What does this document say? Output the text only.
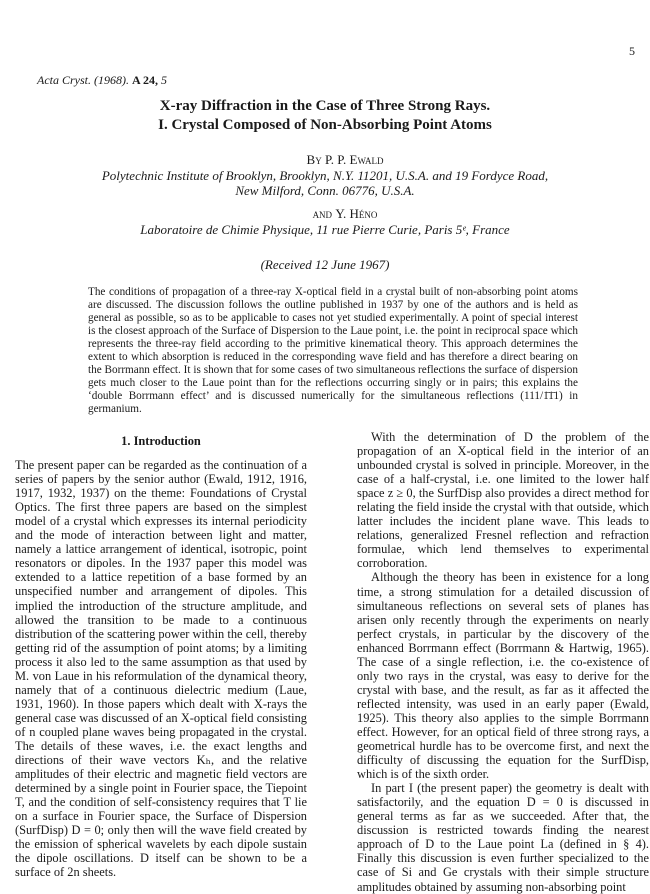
5
Acta Cryst. (1968). A 24, 5
X-ray Diffraction in the Case of Three Strong Rays.
I. Crystal Composed of Non-Absorbing Point Atoms
By P. P. Ewald
Polytechnic Institute of Brooklyn, Brooklyn, N.Y. 11201, U.S.A. and 19 Fordyce Road,
New Milford, Conn. 06776, U.S.A.
and Y. Héno
Laboratoire de Chimie Physique, 11 rue Pierre Curie, Paris 5ᵉ, France
(Received 12 June 1967)

The conditions of propagation of a three-ray X-optical field in a crystal built of non-absorbing point atoms are discussed. The discussion follows the outline published in 1937 by one of the authors and is held as general as possible, so as to be applicable to cases not yet studied experimentally. A point of special interest is the closest approach of the Surface of Dispersion to the Laue point, i.e. the point in reciprocal space which represents the three-ray field according to the primitive kinematical theory. This approach determines the extent to which absorption is reduced in the corresponding wave field and has therefore a direct bearing on the Borrmann effect. It is shown that for some cases of two simultaneous reflections the surface of dispersion gets much closer to the Laue point than for the reflections occurring singly or in pairs; this explains the ‘double Borrmann effect’ and is discussed numerically for the simultaneous reflections (111/1̄1̄1) in germanium.

1. Introduction

The present paper can be regarded as the continuation of a series of papers by the senior author (Ewald, 1912, 1916, 1917, 1932, 1937) on the theme: Foundations of Crystal Optics. The first three papers are based on the simplest model of a crystal which expresses its internal periodicity and the mode of interaction between light and matter, namely a lattice arrangement of identical, isotropic, point resonators or dipoles. In the 1937 paper this model was extended to a lattice repetition of a base formed by an unspecified number and arrangement of dipoles. This implied the introduction of the structure amplitude, and allowed the transition to be made to a continuous distribution of the scattering power within the cell, thereby getting rid of the assumption of point atoms; by a limiting process it also led to the same assumption as that used by M. von Laue in his reformulation of the dynamical theory, namely that of a continuous dielectric medium (Laue, 1931, 1960). In those papers which dealt with X-rays the general case was discussed of an X-optical field consisting of n coupled plane waves being propagated in the crystal. The details of these waves, i.e. the exact lengths and directions of their wave vectors Kₕ, and the relative amplitudes of their electric and magnetic field vectors are determined by a single point in Fourier space, the Tiepoint T, and the condition of self-consistency requires that T lie on a surface in Fourier space, the Surface of Dispersion (SurfDisp) D = 0; only then will the wave field created by the emission of spherical wavelets by each dipole sustain the dipole oscillations. D itself can be shown to be a surface of 2n sheets.

With the determination of D the problem of the propagation of an X-optical field in the interior of an unbounded crystal is solved in principle. Moreover, in the case of a half-crystal, i.e. one limited to the lower half space z ≥ 0, the SurfDisp also provides a direct method for relating the field inside the crystal with that outside, which latter includes the incident plane wave. This leads to relations, generalized Fresnel reflection and refraction formulae, which lend themselves to experimental corroboration.

Although the theory has been in existence for a long time, a strong stimulation for a detailed discussion of simultaneous reflections on several sets of planes has arisen only recently through the experiments on nearly perfect crystals, in particular by the discovery of the enhanced Borrmann effect (Borrmann & Hartwig, 1965). The case of a single reflection, i.e. the co-existence of only two rays in the crystal, was easy to derive for the crystal with base, and the result, as far as it affected the reflected intensity, was used in an early paper (Ewald, 1925). This theory also applies to the simple Borrmann effect. However, for an optical field of three strong rays, a geometrical hurdle has to be overcome first, and next the difficulty of discussing the equation for the SurfDisp, which is of the sixth order.

In part I (the present paper) the geometry is dealt with satisfactorily, and the equation D = 0 is discussed in general terms as far as we succeeded. After that, the discussion is restricted towards finding the nearest approach of D to the Laue point La (defined in § 4). Finally this discussion is even further specialized to the case of Si and Ge crystals with their simple structure amplitudes obtained by assuming non-absorbing point
